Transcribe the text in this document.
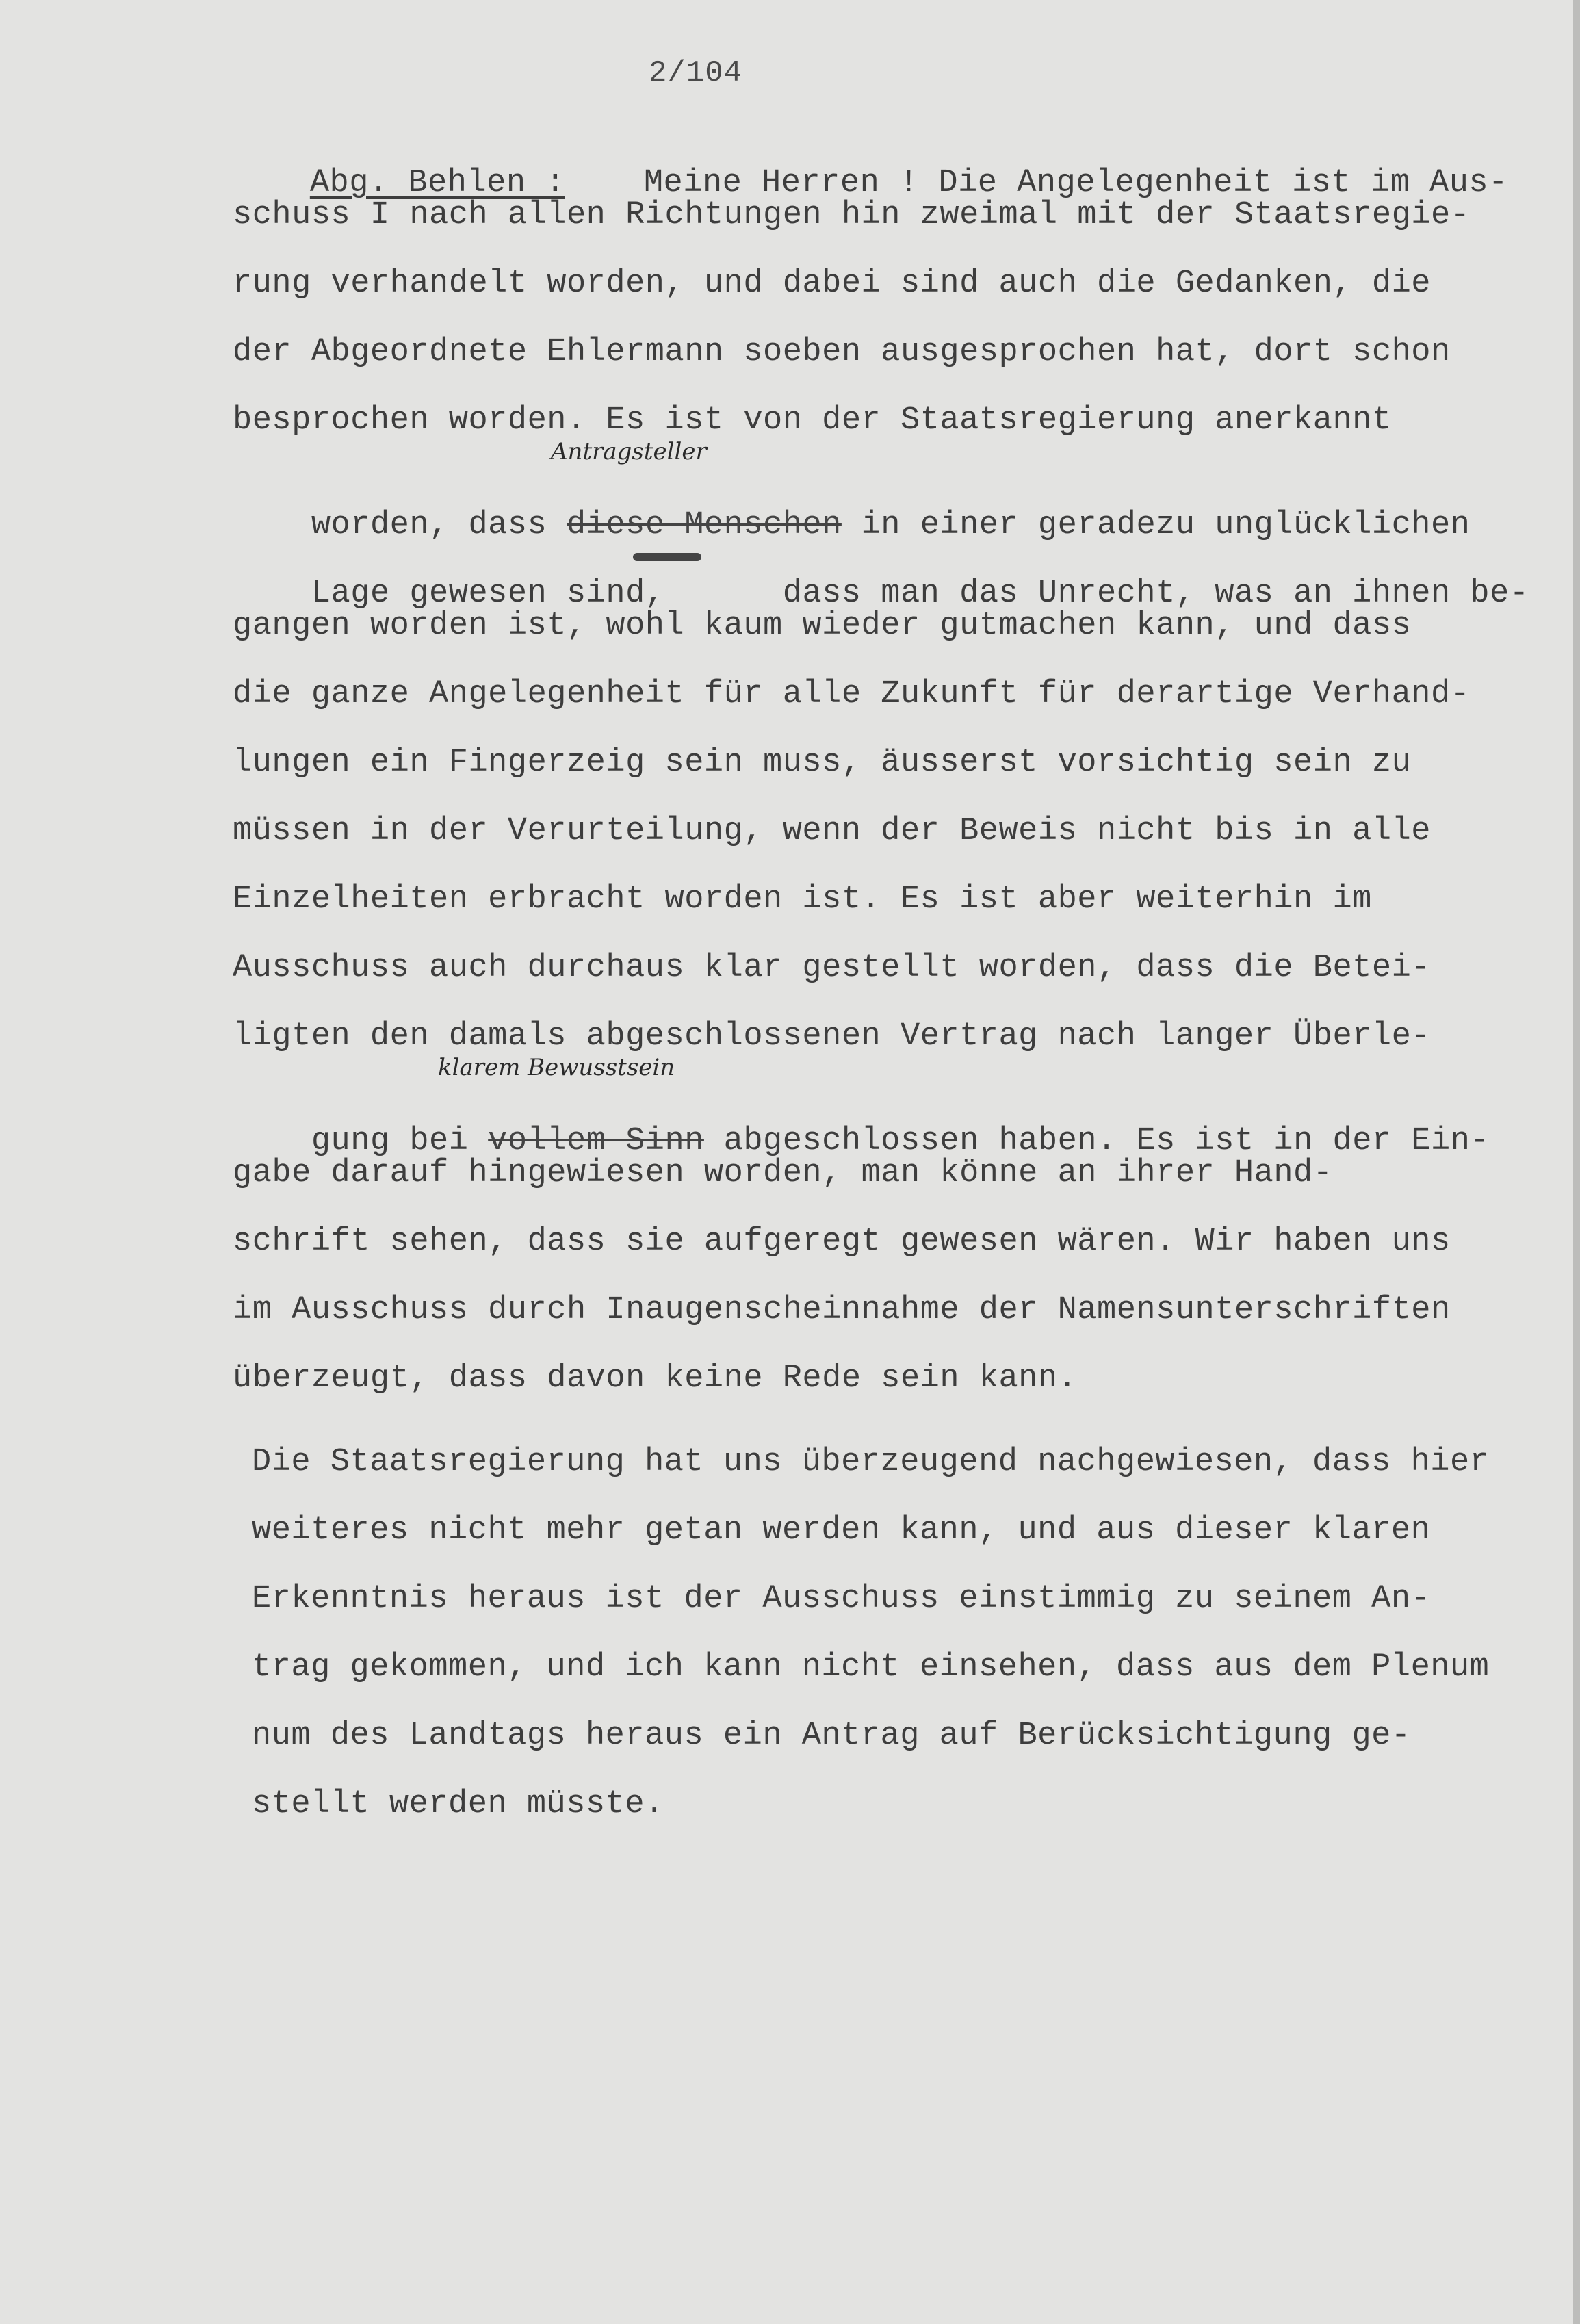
2/104

Abg. Behlen : Meine Herren ! Die Angelegenheit ist im Aus-

schuss I nach allen Richtungen hin zweimal mit der Staatsregie-
rung verhandelt worden, und dabei sind auch die Gedanken, die
der Abgeordnete Ehlermann soeben ausgesprochen hat, dort schon
besprochen worden. Es ist von der Staatsregierung anerkannt
Antragsteller

worden, dass diese Menschen in einer geradezu unglücklichen

Lage gewesen sind,      dass man das Unrecht, was an ihnen be-

gangen worden ist, wohl kaum wieder gutmachen kann, und dass
die ganze Angelegenheit für alle Zukunft für derartige Verhand-
lungen ein Fingerzeig sein muss, äusserst vorsichtig sein zu
müssen in der Verurteilung, wenn der Beweis nicht bis in alle
Einzelheiten erbracht worden ist. Es ist aber weiterhin im
Ausschuss auch durchaus klar gestellt worden, dass die Betei-
ligten den damals abgeschlossenen Vertrag nach langer Überle-
klarem Bewusstsein

gung bei vollem Sinn abgeschlossen haben. Es ist in der Ein-

gabe darauf hingewiesen worden, man könne an ihrer Hand-
schrift sehen, dass sie aufgeregt gewesen wären. Wir haben uns
im Ausschuss durch Inaugenscheinnahme der Namensunterschriften
überzeugt, dass davon keine Rede sein kann.
Die Staatsregierung hat uns überzeugend nachgewiesen, dass hier
weiteres nicht mehr getan werden kann, und aus dieser klaren
Erkenntnis heraus ist der Ausschuss einstimmig zu seinem An-
trag gekommen, und ich kann nicht einsehen, dass aus dem Plenum
num des Landtags heraus ein Antrag auf Berücksichtigung ge-
stellt werden müsste.
